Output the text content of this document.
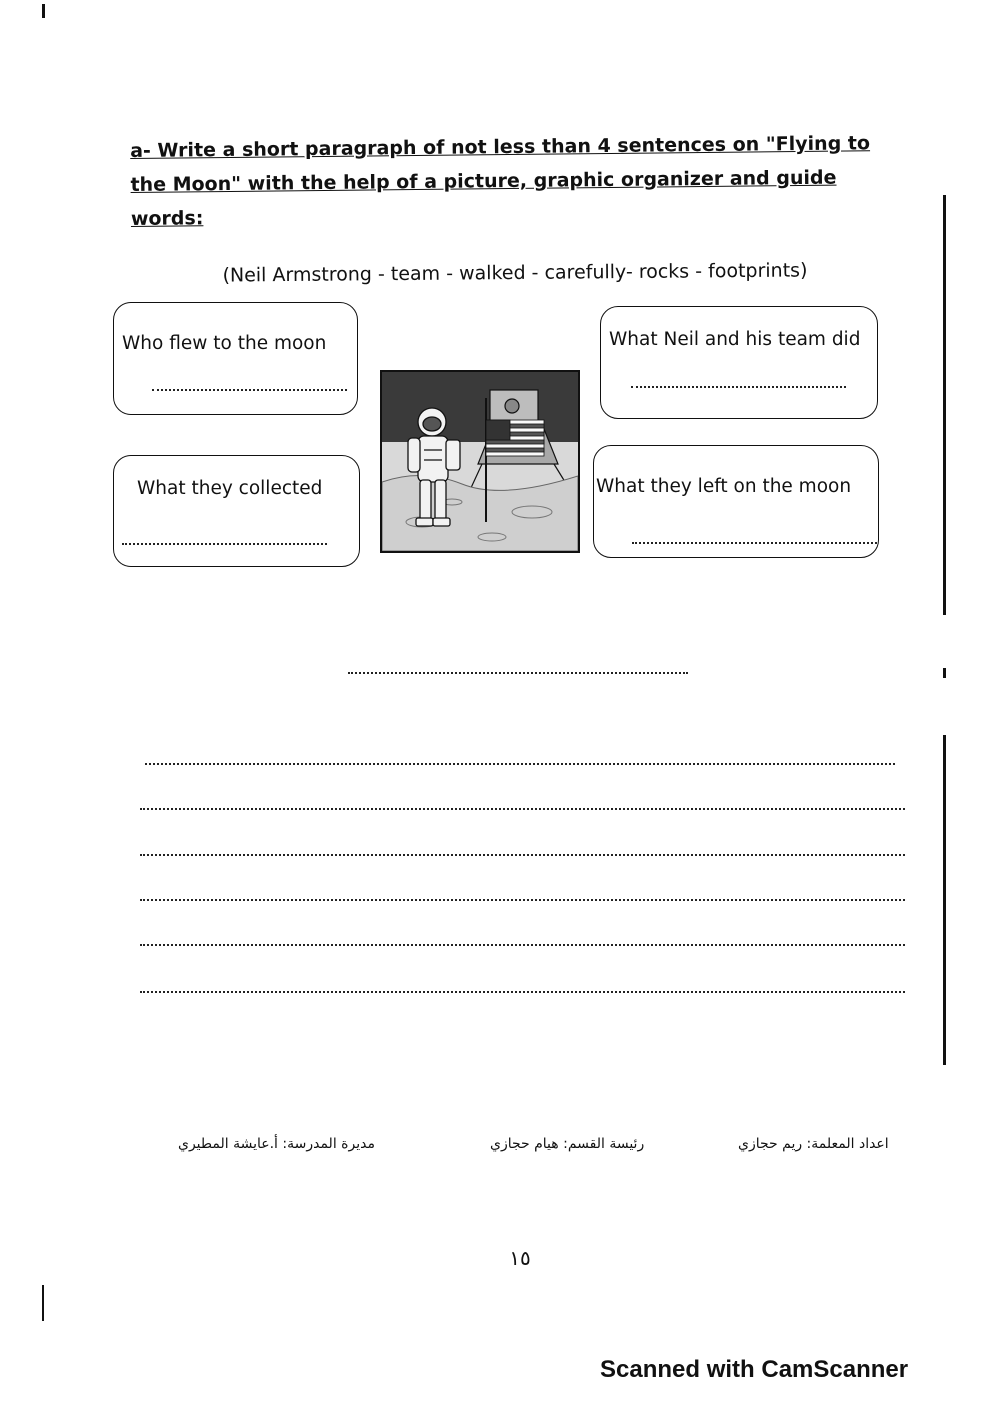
a- Write a short paragraph of not less than 4 sentences on "Flying to
the Moon" with the help of a picture, graphic organizer and guide words:
(Neil Armstrong - team - walked - carefully- rocks - footprints)
Who flew to the moon
What they collected
What Neil and his team did
What they left on the moon
مديرة المدرسة: أ.عايشة المطيري	رئيسة القسم: هيام حجازي	اعداد المعلمة: ريم حجازي
١٥
Scanned with CamScanner
